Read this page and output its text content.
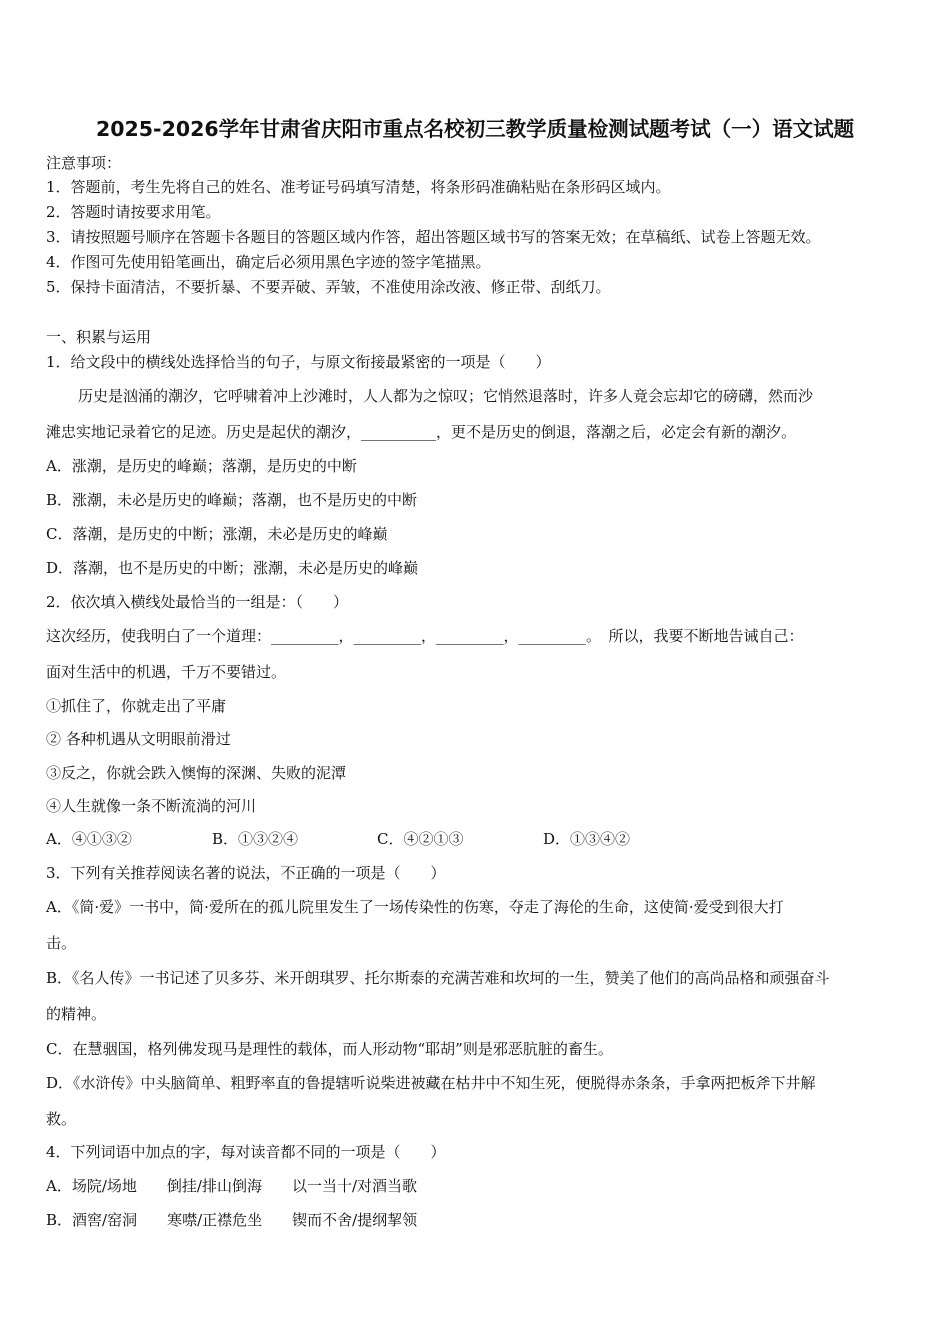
2025-2026学年甘肃省庆阳市重点名校初三教学质量检测试题考试（一）语文试题
注意事项：
1．答题前，考生先将自己的姓名、准考证号码填写清楚，将条形码准确粘贴在条形码区域内。
2．答题时请按要求用笔。
3．请按照题号顺序在答题卡各题目的答题区域内作答，超出答题区域书写的答案无效；在草稿纸、试卷上答题无效。
4．作图可先使用铅笔画出，确定后必须用黑色字迹的签字笔描黑。
5．保持卡面清洁，不要折暴、不要弄破、弄皱，不准使用涂改液、修正带、刮纸刀。
一、积累与运用
1．给文段中的横线处选择恰当的句子，与原文衔接最紧密的一项是（　　）
历史是汹涌的潮汐，它呼啸着冲上沙滩时，人人都为之惊叹；它悄然退落时，许多人竟会忘却它的磅礴，然而沙
滩忠实地记录着它的足迹。历史是起伏的潮汐，__________，更不是历史的倒退，落潮之后，必定会有新的潮汐。
A．涨潮，是历史的峰巅；落潮，是历史的中断
B．涨潮，未必是历史的峰巅；落潮，也不是历史的中断
C．落潮，是历史的中断；涨潮，未必是历史的峰巅
D．落潮，也不是历史的中断；涨潮，未必是历史的峰巅
2．依次填入横线处最恰当的一组是：（　　）
这次经历，使我明白了一个道理：_________，_________，_________，_________。　所以，我要不断地告诫自己：
面对生活中的机遇，千万不要错过。
①抓住了，你就走出了平庸
② 各种机遇从文明眼前滑过
③反之，你就会跌入懊悔的深渊、失败的泥潭
④人生就像一条不断流淌的河川
A．④①③②	B．①③②④	C．④②①③	D．①③④②
3．下列有关推荐阅读名著的说法，不正确的一项是（　　）
A．《简·爱》一书中，简·爱所在的孤儿院里发生了一场传染性的伤寒，夺走了海伦的生命，这使简·爱受到很大打
击。
B．《名人传》一书记述了贝多芬、米开朗琪罗、托尔斯泰的充满苦难和坎坷的一生，赞美了他们的高尚品格和顽强奋斗
的精神。
C．在慧骃国，格列佛发现马是理性的载体，而人形动物“耶胡”则是邪恶肮脏的畜生。
D．《水浒传》中头脑简单、粗野率直的鲁提辖听说柴进被藏在枯井中不知生死，便脱得赤条条，手拿两把板斧下井解
救。
4．下列词语中加点的字，每对读音都不同的一项是（　　）
A．场院/场地　　倒挂/排山倒海　　以一当十/对酒当歌
B．酒窖/窑洞　　寒噤/正襟危坐　　锲而不舍/提纲挈领
